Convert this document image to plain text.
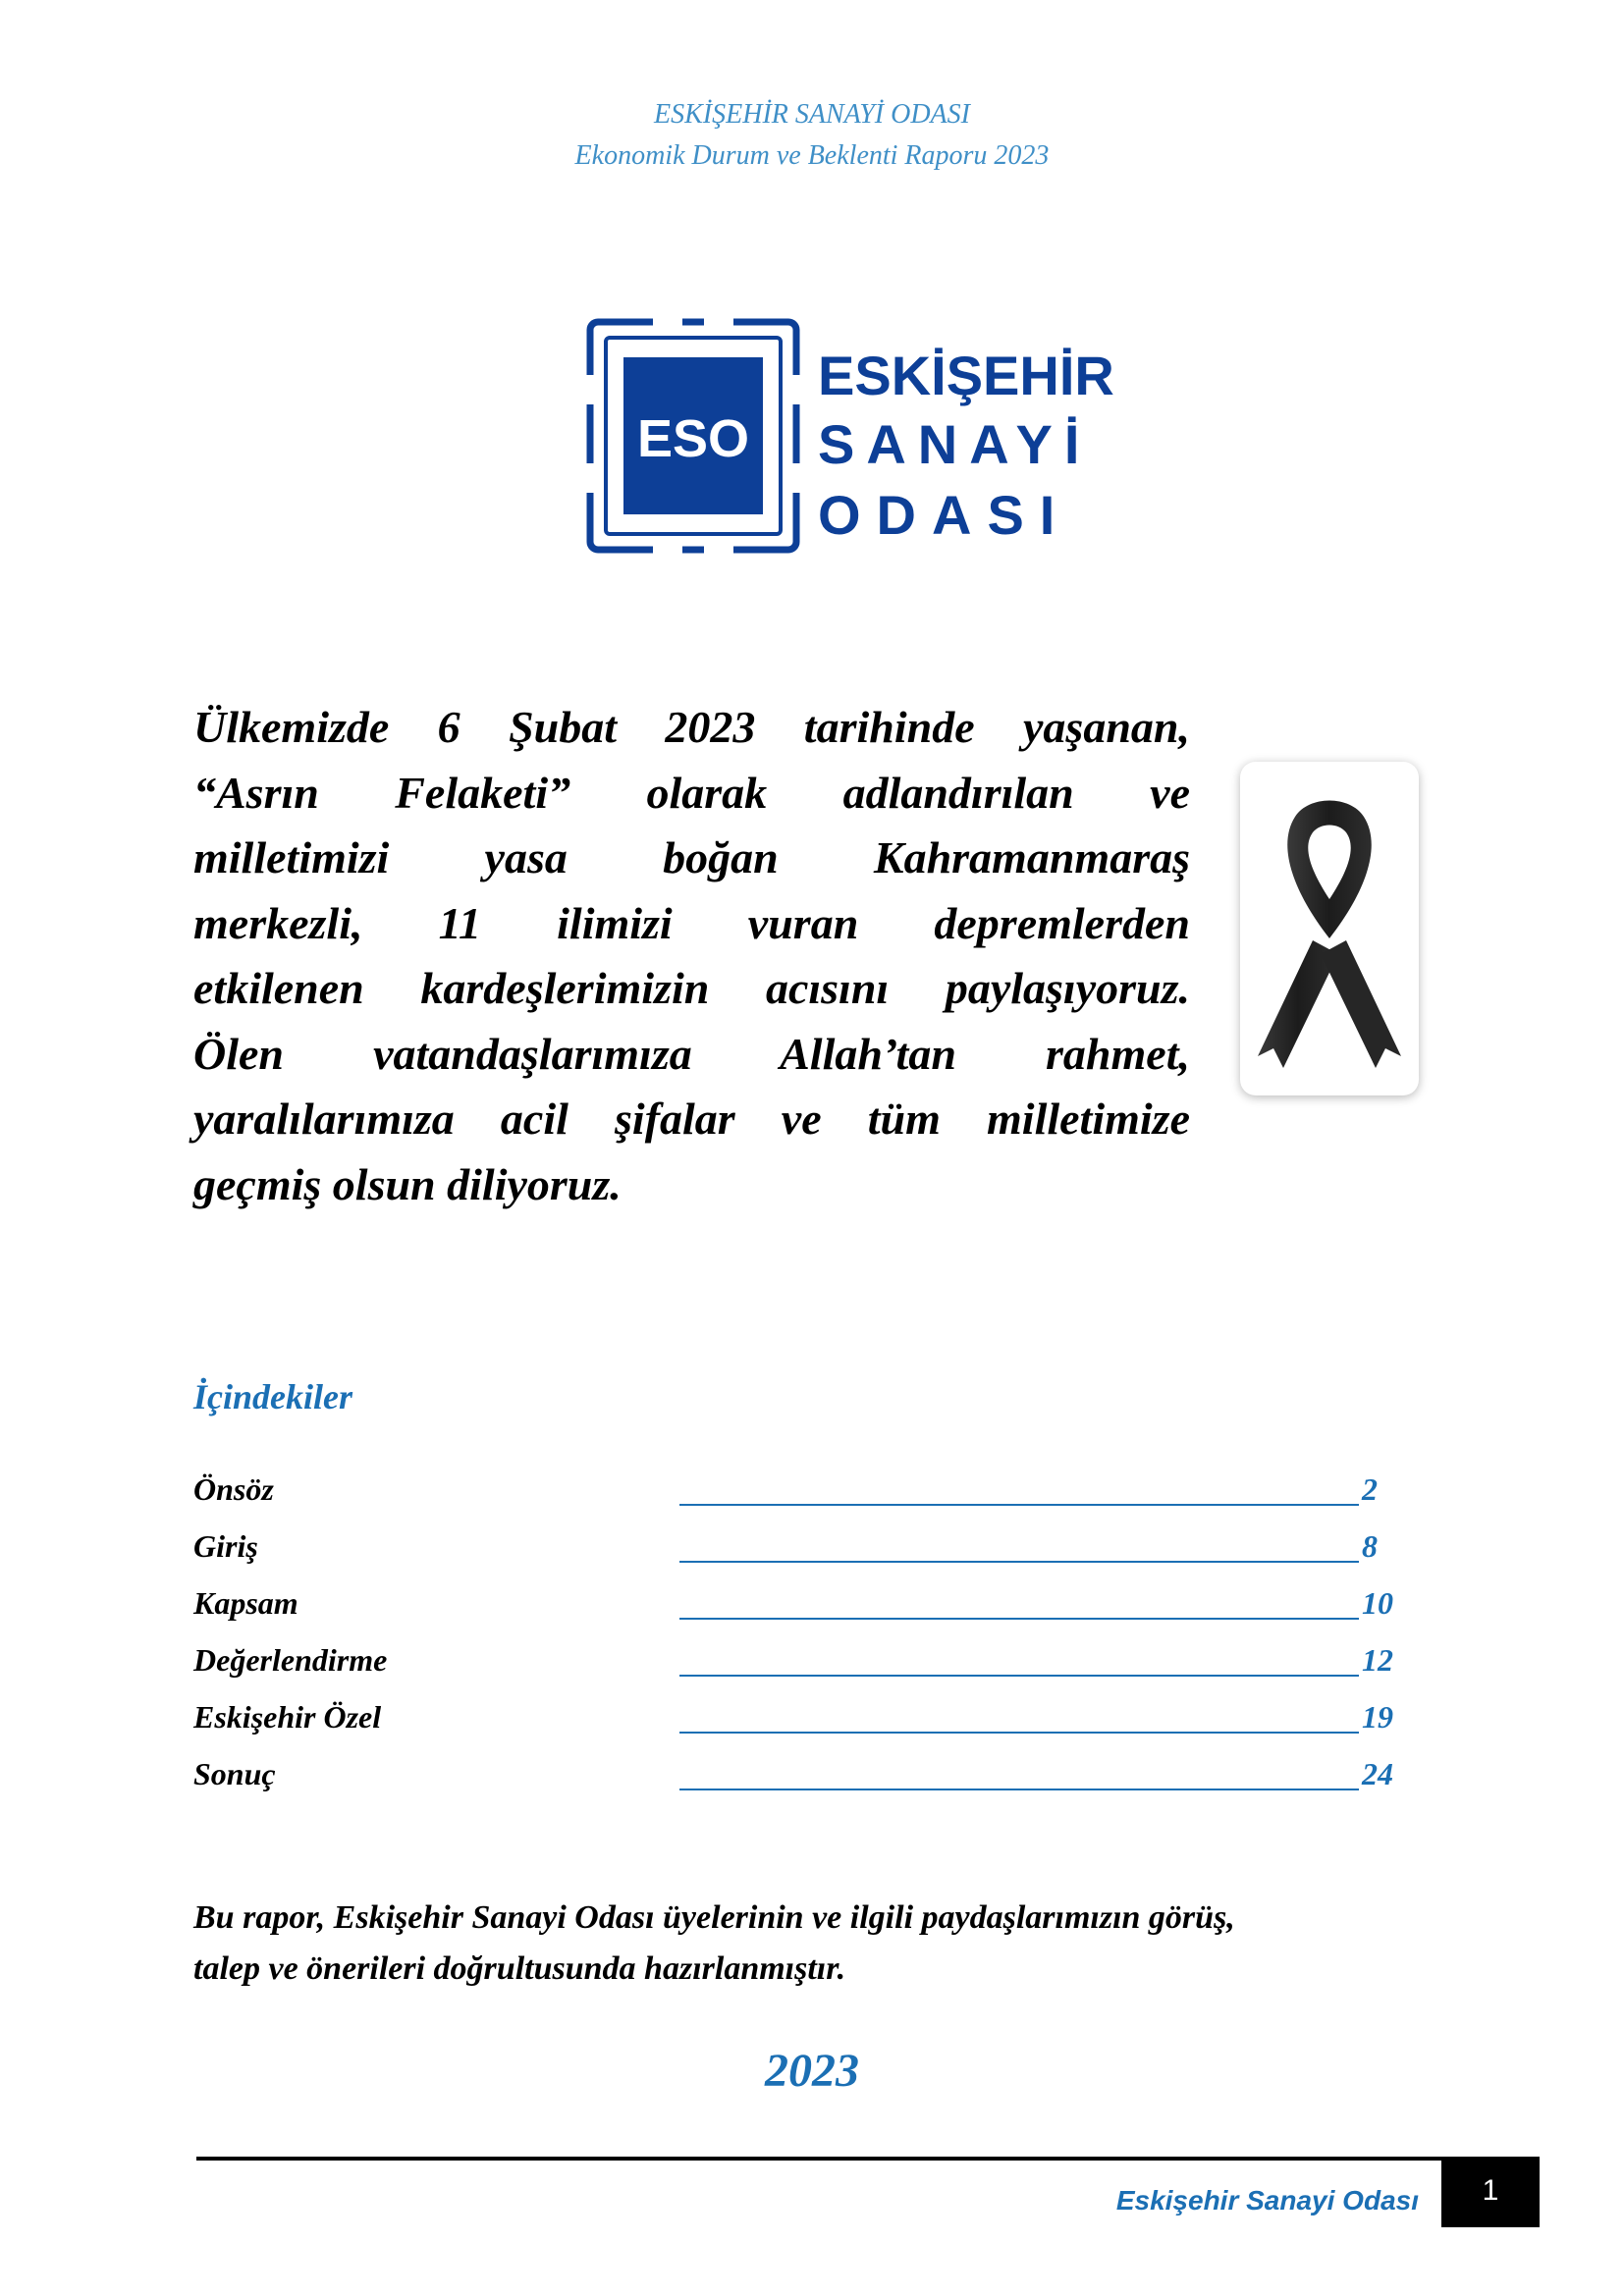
ESKİŞEHİR SANAYİ ODASI
Ekonomik Durum ve Beklenti Raporu 2023
ESO
ESKİŞEHİR
SANAYİ
ODASI
Ülkemizde 6 Şubat 2023 tarihinde yaşanan,
“Asrın Felaketi” olarak adlandırılan ve
milletimizi yasa boğan Kahramanmaraş
merkezli, 11 ilimizi vuran depremlerden
etkilenen kardeşlerimizin acısını paylaşıyoruz.
Ölen vatandaşlarımıza Allah’tan rahmet,
yaralılarımıza acil şifalar ve tüm milletimize
geçmiş olsun diliyoruz.
İçindekiler
Önsöz	2
Giriş	8
Kapsam	10
Değerlendirme	12
Eskişehir Özel	19
Sonuç	24
Bu rapor, Eskişehir Sanayi Odası üyelerinin ve ilgili paydaşlarımızın görüş,
talep ve önerileri doğrultusunda hazırlanmıştır.
2023
Eskişehir Sanayi Odası	1
